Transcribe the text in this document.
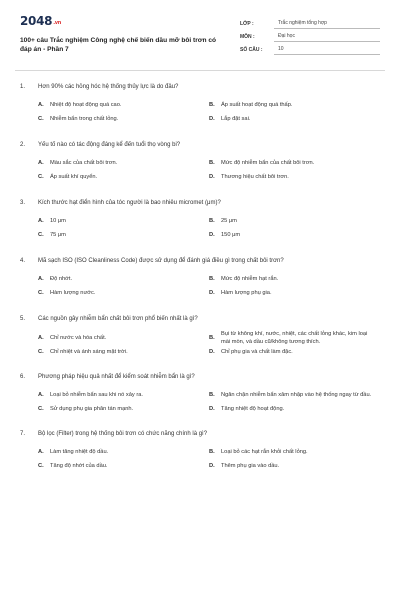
2048.vn
100+ câu Trắc nghiệm Công nghệ chế biến dầu mỡ bôi trơn có đáp án - Phần 7
LỚP :	Trắc nghiệm tổng hợp
MÔN :	Đại học
SỐ CÂU :	10
1.	Hơn 90% các hỏng hóc hệ thống thủy lực là do đâu?
A.	Nhiệt độ hoạt động quá cao.	B.	Áp suất hoạt động quá thấp.
C.	Nhiễm bẩn trong chất lỏng.	D.	Lắp đặt sai.
2.	Yếu tố nào có tác động đáng kể đến tuổi thọ vòng bi?
A.	Màu sắc của chất bôi trơn.	B.	Mức độ nhiễm bẩn của chất bôi trơn.
C.	Áp suất khí quyển.	D.	Thương hiệu chất bôi trơn.
3.	Kích thước hạt điển hình của tóc người là bao nhiêu micromet (μm)?
A.	10 μm	B.	25 μm
C.	75 μm	D.	150 μm
4.	Mã sạch ISO (ISO Cleanliness Code) được sử dụng để đánh giá điều gì trong chất bôi trơn?
A.	Độ nhớt.	B.	Mức độ nhiễm hạt rắn.
C.	Hàm lượng nước.	D.	Hàm lượng phụ gia.
5.	Các nguồn gây nhiễm bẩn chất bôi trơn phổ biến nhất là gì?
A.	Chỉ nước và hóa chất.	B.
Bụi từ không khí, nước, nhiệt, các chất lỏng khác, kim loại mài mòn, và dầu cũ/không tương thích.
C.	Chỉ nhiệt và ánh sáng mặt trời.	D.	Chỉ phụ gia và chất làm đặc.
6.	Phương pháp hiệu quả nhất để kiểm soát nhiễm bẩn là gì?
A.	Loại bỏ nhiễm bẩn sau khi nó xảy ra.	B.	Ngăn chặn nhiễm bẩn xâm nhập vào hệ thống ngay từ đầu.
C.	Sử dụng phụ gia phân tán mạnh.	D.	Tăng nhiệt độ hoạt động.
7.	Bộ lọc (Filter) trong hệ thống bôi trơn có chức năng chính là gì?
A.	Làm tăng nhiệt độ dầu.	B.	Loại bỏ các hạt rắn khỏi chất lỏng.
C.	Tăng độ nhớt của dầu.	D.	Thêm phụ gia vào dầu.
